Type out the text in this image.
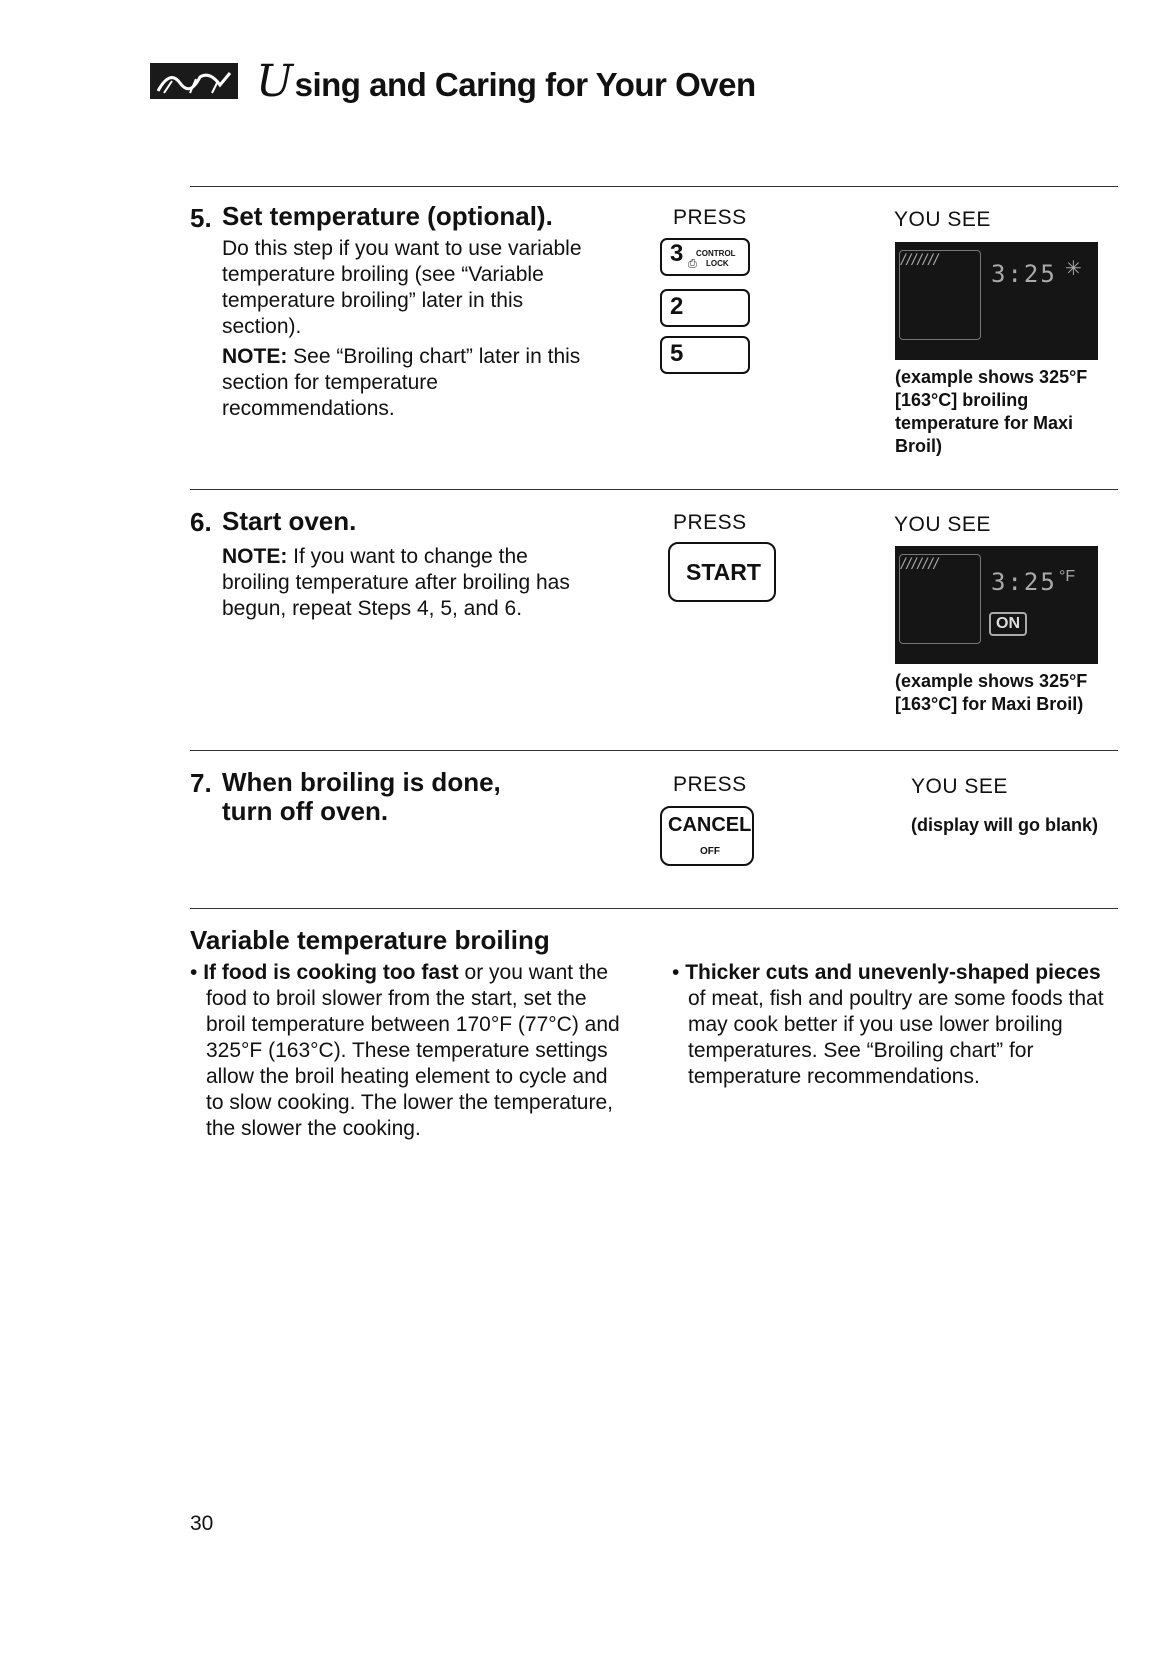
Using and Caring for Your Oven
5. Set temperature (optional).
Do this step if you want to use variable temperature broiling (see “Variable temperature broiling” later in this section).
NOTE: See “Broiling chart” later in this section for temperature recommendations.
PRESS	YOU SEE
3 CONTROL
LOCK
⎙
2
5
/////// 3:25 ✳
(example shows 325°F [163°C] broiling temperature for Maxi Broil)
6. Start oven.
NOTE: If you want to change the broiling temperature after broiling has begun, repeat Steps 4, 5, and 6.
PRESS	YOU SEE
START	///////
3:25 °F
ON
(example shows 325°F [163°C] for Maxi Broil)
7. When broiling is done,
turn off oven.
PRESS	YOU SEE
CANCEL
OFF
(display will go blank)
Variable temperature broiling
• If food is cooking too fast or you want the food to broil slower from the start, set the broil temperature between 170°F (77°C) and 325°F (163°C). These temperature settings allow the broil heating element to cycle and to slow cooking. The lower the temperature, the slower the cooking.
• Thicker cuts and unevenly-shaped pieces of meat, fish and poultry are some foods that may cook better if you use lower broiling temperatures. See “Broiling chart” for temperature recommendations.
30
